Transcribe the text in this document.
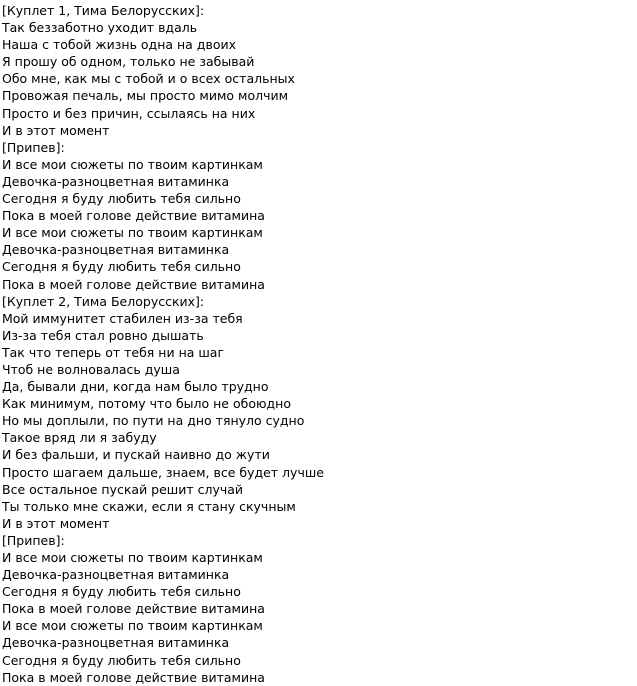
[Куплет 1, Тима Белорусских]:
Так беззаботно уходит вдаль
Наша с тобой жизнь одна на двоих
Я прошу об одном, только не забывай
Обо мне, как мы с тобой и о всех остальных
Провожая печаль, мы просто мимо молчим
Просто и без причин, ссылаясь на них
И в этот момент
[Припев]:
И все мои сюжеты по твоим картинкам
Девочка-разноцветная витаминка
Сегодня я буду любить тебя сильно
Пока в моей голове действие витамина
И все мои сюжеты по твоим картинкам
Девочка-разноцветная витаминка
Сегодня я буду любить тебя сильно
Пока в моей голове действие витамина
[Куплет 2, Тима Белорусских]:
Мой иммунитет стабилен из-за тебя
Из-за тебя стал ровно дышать
Так что теперь от тебя ни на шаг
Чтоб не волновалась душа
Да, бывали дни, когда нам было трудно
Как минимум, потому что было не обоюдно
Но мы доплыли, по пути на дно тянуло судно
Такое вряд ли я забуду
И без фальши, и пускай наивно до жути
Просто шагаем дальше, знаем, все будет лучше
Все остальное пускай решит случай
Ты только мне скажи, если я стану скучным
И в этот момент
[Припев]:
И все мои сюжеты по твоим картинкам
Девочка-разноцветная витаминка
Сегодня я буду любить тебя сильно
Пока в моей голове действие витамина
И все мои сюжеты по твоим картинкам
Девочка-разноцветная витаминка
Сегодня я буду любить тебя сильно
Пока в моей голове действие витамина
